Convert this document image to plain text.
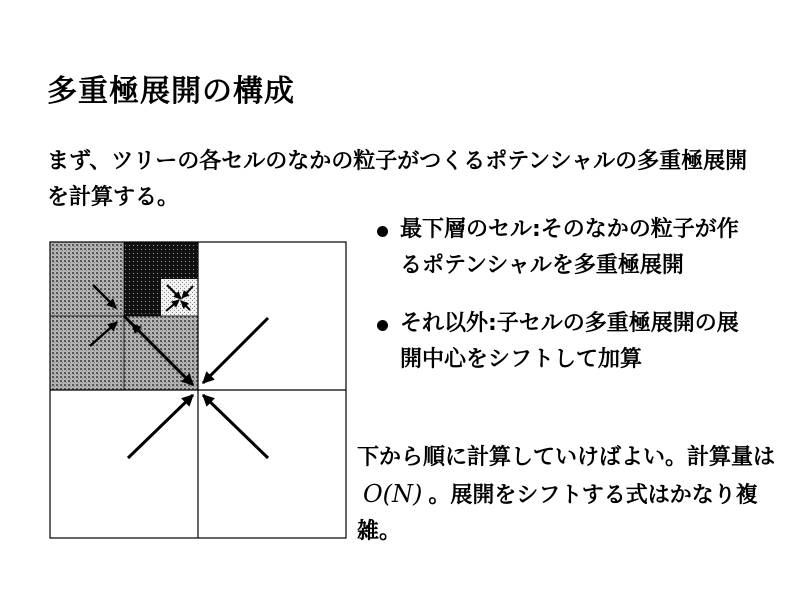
多重極展開の構成
まず、ツリーの各セルのなかの粒子がつくるポテンシャルの多重極展開を計算する。
最下層のセル:そのなかの粒子が作るポテンシャルを多重極展開
それ以外:子セルの多重極展開の展開中心をシフトして加算
下から順に計算していけばよい。計算量はO(N) 。展開をシフトする式はかなり複雑。
